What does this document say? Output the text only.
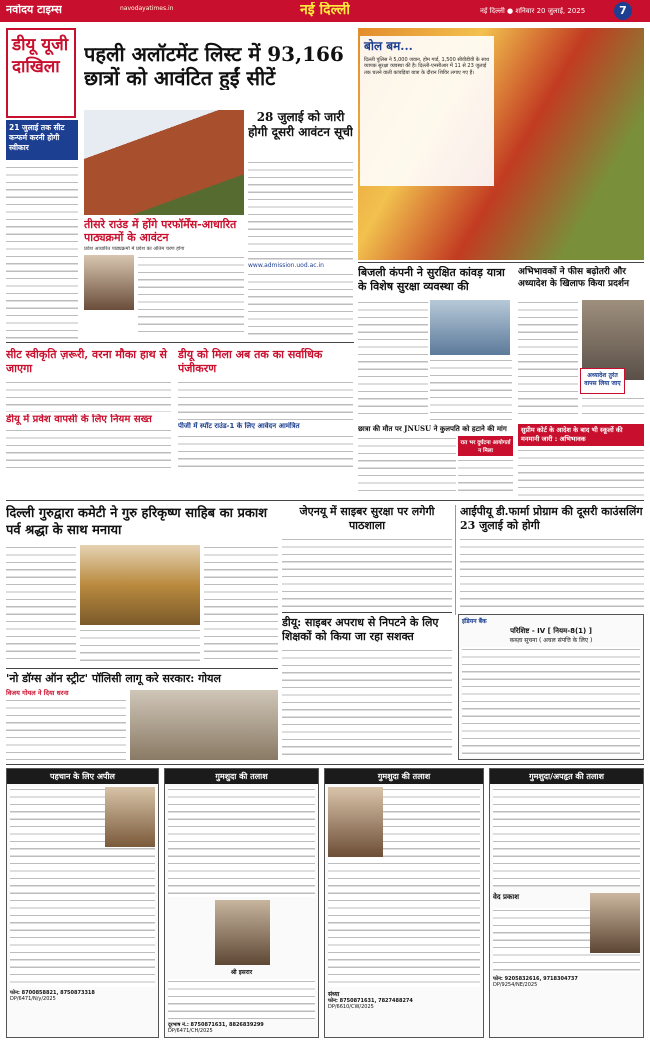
नवोदय टाइम्स	navodayatimes.in	नई दिल्ली	नई दिल्ली ● शनिवार 20 जुलाई, 2025	7
डीयू यूजी दाखिला
पहली अलॉटमेंट लिस्ट में 93,166 छात्रों को आवंटित हुईं सीटें
21 जुलाई तक सीट कन्फर्म करनी होगी स्वीकार
28 जुलाई को जारी होगी दूसरी आवंटन सूची
तीसरे राउंड में होंगे परफॉर्मेंस-आधारित पाठ्यक्रमों के आवंटन
प्रवेश आधारित पाठ्यक्रमों में प्रवेश का अंतिम चरण होगा
www.admission.uod.ac.in
सीट स्वीकृति ज़रूरी, वरना मौका हाथ से जाएगा
डीयू में प्रवेश वापसी के लिए नियम सख्त
डीयू को मिला अब तक का सर्वाधिक पंजीकरण
पीजी में स्पॉट राउंड-1 के लिए आवेदन आमंत्रित
बोल बम...
दिल्ली पुलिस ने 5,000 जवान, होम गार्ड, 1,500 सीवीडीवी के साथ व्यापक सुरक्षा व्यवस्था की है। दिल्ली-एनसीआर में 11 से 23 जुलाई तक चलने वाली कांवड़ियां यात्रा के दौरान शिविर लगाए गए हैं।
बिजली कंपनी ने सुरक्षित कांवड़ यात्रा के विशेष सुरक्षा व्यवस्था की
छात्रा की मौत पर JNUSU ने कुलपति को हटाने की मांग
रात भर दुर्घटना आयोगर्ता न मिला
अभिभावकों ने फीस बढ़ोतरी और अध्यादेश के खिलाफ किया प्रदर्शन
अध्यादेश तुरंत वापस लिया जाए
सुप्रीम कोर्ट के आदेश के बाद भी स्कूलों की मनमानी जारी : अभिभावक
दिल्ली गुरुद्वारा कमेटी ने गुरु हरिकृष्ण साहिब का प्रकाश पर्व श्रद्धा के साथ मनाया
'नो डॉग्स ऑन स्ट्रीट' पॉलिसी लागू करे सरकार: गोयल
विजय गोयल ने दिया धरना
जेएनयू में साइबर सुरक्षा पर लगेगी पाठशाला
आईपीयू डी.फार्मा प्रोग्राम की दूसरी काउंसलिंग 23 जुलाई को होगी
डीयू: साइबर अपराध से निपटने के लिए शिक्षकों को किया जा रहा सशक्त
इंडियन बैंक
परिशिष्ट - IV [ नियम-8(1) ]
कब्ज़ा सूचना ( अचल संपत्ति के लिए )
पहचान के लिए अपील
फोन: 8700858821, 8750873318
DP/6471/N/y/2025
गुमशुदा की तलाश
श्री इसरार
दूरभाष नं.: 8750871631, 8826839299
DP/6471/CH/2025
गुमशुदा की तलाश
संध्या
फोन: 8750871631, 7827488274
DP/6610/CW/2025
गुमशुदा/अपहृत की तलाश
वेद प्रकाश
फोन: 9205832616, 9718304737
DP/9254/NE/2025
